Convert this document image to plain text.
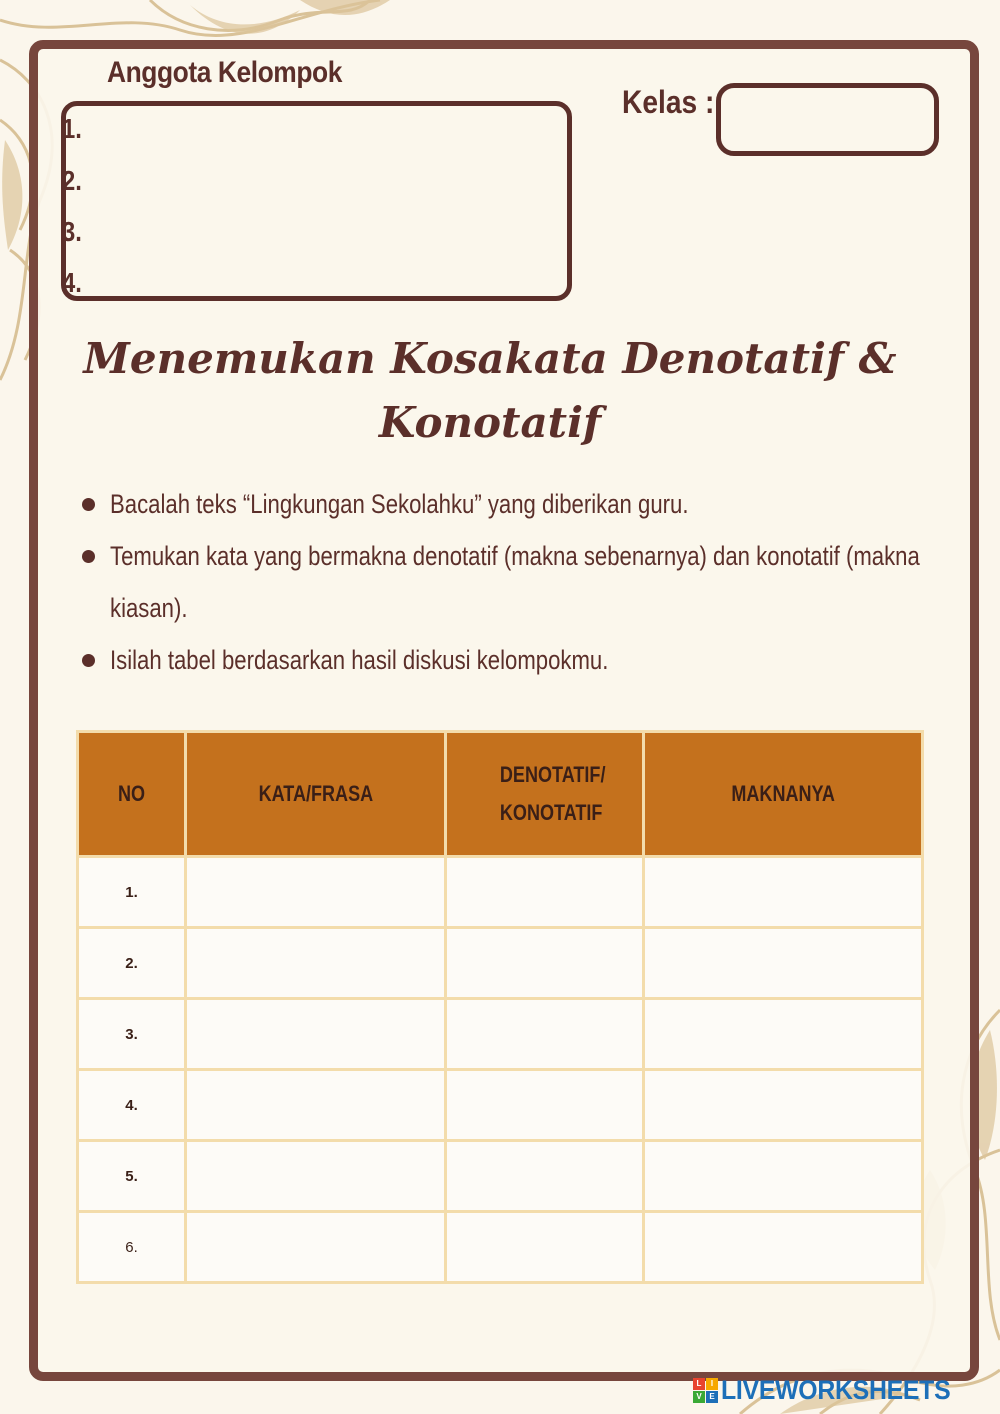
Anggota Kelompok
1.
2.
3.
4.
Kelas :
Menemukan Kosakata Denotatif &
Konotatif
Bacalah teks “Lingkungan Sekolahku” yang diberikan guru.
Temukan kata yang bermakna denotatif (makna sebenarnya) dan konotatif (makna kiasan).
Isilah tabel berdasarkan hasil diskusi kelompokmu.
NO	KATA/FRASA	DENOTATIF/ KONOTATIF	MAKNANYA
1.			
2.			
3.			
4.			
5.			
6.			
L	I
V E LIVEWORKSHEETS
